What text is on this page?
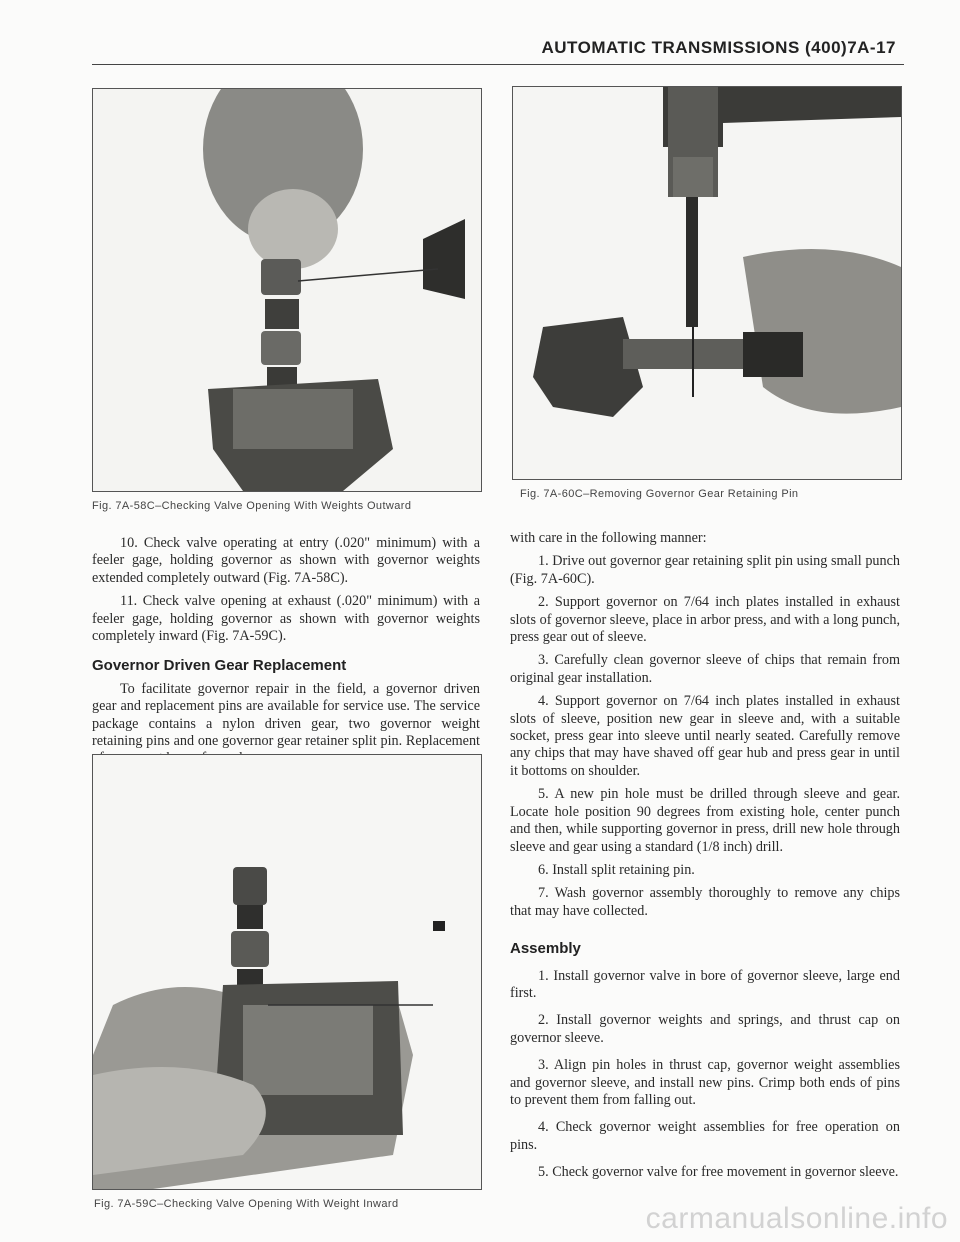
AUTOMATIC TRANSMISSIONS (400)7A-17
Fig. 7A-58C–Checking Valve Opening With Weights Outward

10. Check valve operating at entry (.020" minimum) with a feeler gage, holding governor as shown with governor weights extended completely outward (Fig. 7A-58C).

11. Check valve opening at exhaust (.020" minimum) with a feeler gage, holding governor as shown with governor weights completely inward (Fig. 7A-59C).

Governor Driven Gear Replacement

To facilitate governor repair in the field, a governor driven gear and replacement pins are available for service use. The service package contains a nylon driven gear, two governor weight retaining pins and one governor gear retainer split pin. Replacement

Fig. 7A-59C–Checking Valve Opening With Weight Inward
Fig. 7A-60C–Removing Governor Gear Retaining Pin

with care in the following manner:

1. Drive out governor gear retaining split pin using small punch (Fig. 7A-60C).

2. Support governor on 7/64 inch plates installed in exhaust slots of governor sleeve, place in arbor press, and with a long punch, press gear out of sleeve.

3. Carefully clean governor sleeve of chips that remain from original gear installation.

4. Support governor on 7/64 inch plates installed in exhaust slots of sleeve, position new gear in sleeve and, with a suitable socket, press gear into sleeve until nearly seated. Carefully remove any chips that may have shaved off gear hub and press gear in until it bottoms on shoulder.

5. A new pin hole must be drilled through sleeve and gear. Locate hole position 90 degrees from existing hole, center punch and then, while supporting governor in press, drill new hole through sleeve and gear using a standard (1/8 inch) drill.

6. Install split retaining pin.

7. Wash governor assembly thoroughly to remove any chips that may have collected.

Assembly

1. Install governor valve in bore of governor sleeve, large end first.

2. Install governor weights and springs, and thrust cap on governor sleeve.

3. Align pin holes in thrust cap, governor weight assemblies and governor sleeve, and install new pins. Crimp both ends of pins to prevent them from falling out.

4. Check governor weight assemblies for free operation on pins.

5. Check governor valve for free movement in governor sleeve.

carmanualsonline.info
